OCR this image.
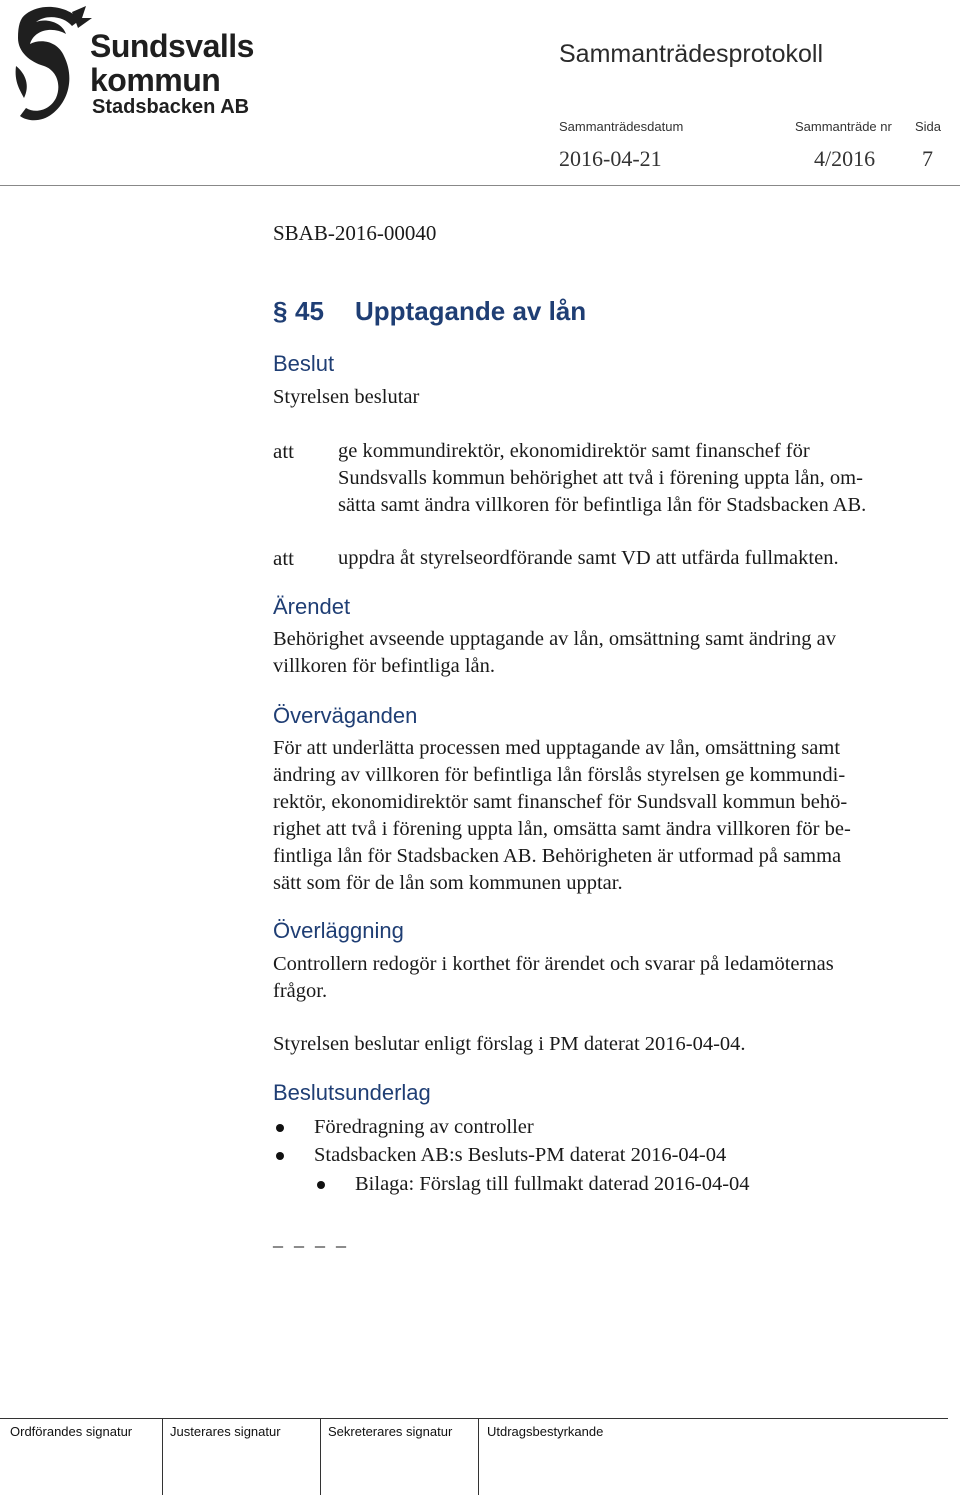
Sundsvalls
kommun
Stadsbacken AB
Sammanträdesprotokoll
Sammanträdesdatum	Sammanträde nr Sida
2016-04-21	4/2016 7
SBAB-2016-00040
§ 45 Upptagande av lån
Beslut
Styrelsen beslutar
att ge kommundirektör, ekonomidirektör samt finanschef för
Sundsvalls kommun behörighet att två i förening uppta lån, om-
sätta samt ändra villkoren för befintliga lån för Stadsbacken AB.
att uppdra åt styrelseordförande samt VD att utfärda fullmakten.
Ärendet
Behörighet avseende upptagande av lån, omsättning samt ändring av
villkoren för befintliga lån.
Överväganden
För att underlätta processen med upptagande av lån, omsättning samt
ändring av villkoren för befintliga lån förslås styrelsen ge kommundi-
rektör, ekonomidirektör samt finanschef för Sundsvall kommun behö-
righet att två i förening uppta lån, omsätta samt ändra villkoren för be-
fintliga lån för Stadsbacken AB. Behörigheten är utformad på samma
sätt som för de lån som kommunen upptar.
Överläggning
Controllern redogör i korthet för ärendet och svarar på ledamöternas
frågor.
Styrelsen beslutar enligt förslag i PM daterat 2016-04-04.
Beslutsunderlag
Föredragning av controller
Stadsbacken AB:s Besluts-PM daterat 2016-04-04
Bilaga: Förslag till fullmakt daterad 2016-04-04
_ _ _ _
Ordförandes signatur	Justerares signatur	Sekreterares signatur	Utdragsbestyrkande
